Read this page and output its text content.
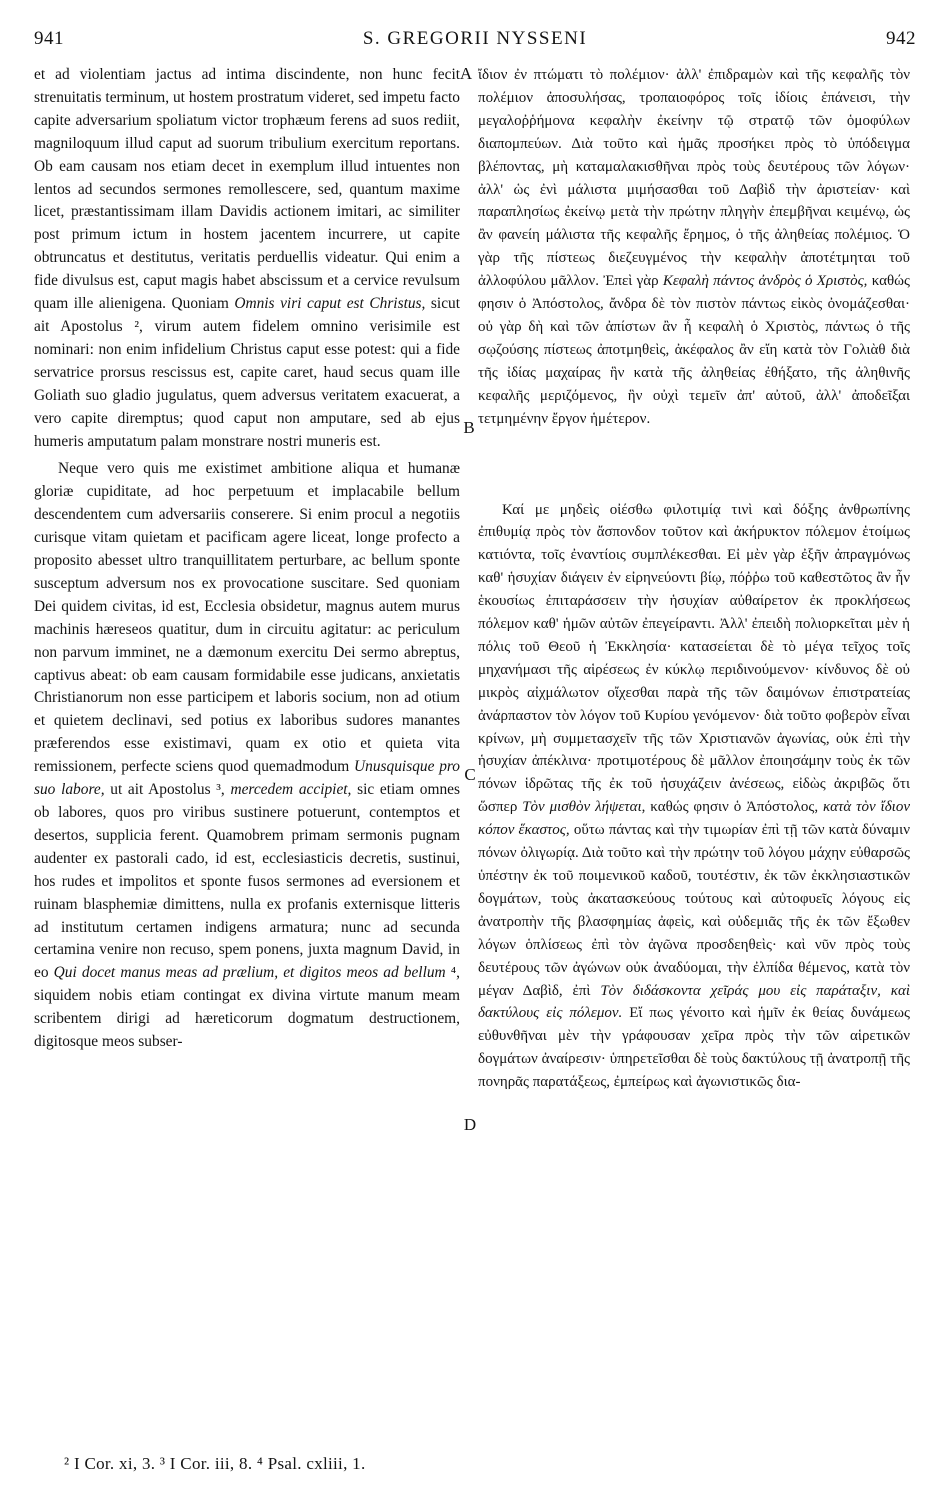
941	S. GREGORII NYSSENI	942

et ad violentiam jactus ad intima discindente, non hunc fecit strenuitatis terminum, ut hostem prostratum videret, sed impetu facto capite adversarium spoliatum victor trophæum ferens ad suos rediit, magniloquum illud caput ad suorum tribulium exercitum reportans. Ob eam causam nos etiam decet in exemplum illud intuentes non lentos ad secundos sermones remollescere, sed, quantum maxime licet, præstantissimam illam Davidis actionem imitari, ac similiter post primum ictum in hostem jacentem incurrere, ut capite obtruncatus et destitutus, veritatis perduellis videatur. Qui enim a fide divulsus est, caput magis habet abscissum et a cervice revulsum quam ille alienigena. Quoniam Omnis viri caput est Christus, sicut ait Apostolus ², virum autem fidelem omnino verisimile est nominari: non enim infidelium Christus caput esse potest: qui a fide servatrice prorsus rescissus est, capite caret, haud secus quam ille Goliath suo gladio jugulatus, quem adversus veritatem exacuerat, a vero capite diremptus; quod caput non amputare, sed ab ejus humeris amputatum palam monstrare nostri muneris est.

Neque vero quis me existimet ambitione aliqua et humanæ gloriæ cupiditate, ad hoc perpetuum et implacabile bellum descendentem cum adversariis conserere. Si enim procul a negotiis curisque vitam quietam et pacificam agere liceat, longe profecto a proposito abesset ultro tranquillitatem perturbare, ac bellum sponte susceptum adversum nos ex provocatione suscitare. Sed quoniam Dei quidem civitas, id est, Ecclesia obsidetur, magnus autem murus machinis hæreseos quatitur, dum in circuitu agitatur: ac periculum non parvum imminet, ne a dæmonum exercitu Dei sermo abreptus, captivus abeat: ob eam causam formidabile esse judicans, anxietatis Christianorum non esse participem et laboris socium, non ad otium et quietem declinavi, sed potius ex laboribus sudores manantes præferendos esse existimavi, quam ex otio et quieta vita remissionem, perfecte sciens quod quemadmodum Unusquisque pro suo labore, ut ait Apostolus ³, mercedem accipiet, sic etiam omnes ob labores, quos pro viribus sustinere potuerunt, contemptos et desertos, supplicia ferent. Quamobrem primam sermonis pugnam audenter ex pastorali cado, id est, ecclesiasticis decretis, sustinui, hos rudes et impolitos et sponte fusos sermones ad eversionem et ruinam blasphemiæ dimittens, nulla ex profanis externisque litteris ad institutum certamen indigens armatura; nunc ad secunda certamina venire non recuso, spem ponens, juxta magnum David, in eo Qui docet manus meas ad prælium, et digitos meos ad bellum ⁴, siquidem nobis etiam contingat ex divina virtute manum meam scribentem dirigi ad hæreticorum dogmatum destructionem, digitosque meos subser-

A
B
C
D

ἴδιον ἐν πτώματι τὸ πολέμιον· ἀλλ' ἐπιδραμὼν καὶ τῆς κεφαλῆς τὸν πολέμιον ἀποσυλήσας, τροπαιοφόρος τοῖς ἰδίοις ἐπάνεισι, τὴν μεγαλοῤῥήμονα κεφαλὴν ἐκείνην τῷ στρατῷ τῶν ὁμοφύλων διαπομπεύων. Διὰ τοῦτο καὶ ἡμᾶς προσήκει πρὸς τὸ ὑπόδειγμα βλέποντας, μὴ καταμαλακισθῆναι πρὸς τοὺς δευτέρους τῶν λόγων· ἀλλ' ὡς ἐνὶ μάλιστα μιμήσασθαι τοῦ Δαβὶδ τὴν ἀριστείαν· καὶ παραπλησίως ἐκείνῳ μετὰ τὴν πρώτην πληγὴν ἐπεμβῆναι κειμένῳ, ὡς ἂν φανείη μάλιστα τῆς κεφαλῆς ἔρημος, ὁ τῆς ἀληθείας πολέμιος. Ὁ γὰρ τῆς πίστεως διεζευγμένος τὴν κεφαλὴν ἀποτέτμηται τοῦ ἀλλοφύλου μᾶλλον. Ἐπεὶ γὰρ Κεφαλὴ πάντος ἀνδρὸς ὁ Χριστὸς, καθώς φησιν ὁ Ἀπόστολος, ἄνδρα δὲ τὸν πιστὸν πάντως εἰκὸς ὀνομάζεσθαι· οὐ γὰρ δὴ καὶ τῶν ἀπίστων ἂν ἦ κεφαλὴ ὁ Χριστὸς, πάντως ὁ τῆς σῳζούσης πίστεως ἀποτμηθεὶς, ἀκέφαλος ἂν εἴη κατὰ τὸν Γολιὰθ διὰ τῆς ἰδίας μαχαίρας ἣν κατὰ τῆς ἀληθείας ἐθήξατο, τῆς ἀληθινῆς κεφαλῆς μεριζόμενος, ἣν οὐχὶ τεμεῖν ἀπ' αὐτοῦ, ἀλλ' ἀποδεῖξαι τετμημένην ἔργον ἡμέτερον.

Καί με μηδεὶς οἰέσθω φιλοτιμίᾳ τινὶ καὶ δόξης ἀνθρωπίνης ἐπιθυμίᾳ πρὸς τὸν ἄσπονδον τοῦτον καὶ ἀκήρυκτον πόλεμον ἑτοίμως κατιόντα, τοῖς ἐναντίοις συμπλέκεσθαι. Εἰ μὲν γὰρ ἐξῆν ἀπραγμόνως καθ' ἡσυχίαν διάγειν ἐν εἰρηνεύοντι βίῳ, πόῤῥω τοῦ καθεστῶτος ἂν ἦν ἑκουσίως ἐπιταράσσειν τὴν ἡσυχίαν αὐθαίρετον ἐκ προκλήσεως πόλεμον καθ' ἡμῶν αὐτῶν ἐπεγείραντι. Ἀλλ' ἐπειδὴ πολιορκεῖται μὲν ἡ πόλις τοῦ Θεοῦ ἡ Ἐκκλησία· κατασείεται δὲ τὸ μέγα τεῖχος τοῖς μηχανήμασι τῆς αἱρέσεως ἐν κύκλῳ περιδινούμενον· κίνδυνος δὲ οὐ μικρὸς αἰχμάλωτον οἴχεσθαι παρὰ τῆς τῶν δαιμόνων ἐπιστρατείας ἀνάρπαστον τὸν λόγον τοῦ Κυρίου γενόμενον· διὰ τοῦτο φοβερὸν εἶναι κρίνων, μὴ συμμετασχεῖν τῆς τῶν Χριστιανῶν ἀγωνίας, οὐκ ἐπὶ τὴν ἡσυχίαν ἀπέκλινα· προτιμοτέρους δὲ μᾶλλον ἐποιησάμην τοὺς ἐκ τῶν πόνων ἱδρῶτας τῆς ἐκ τοῦ ἡσυχάζειν ἀνέσεως, εἰδὼς ἀκριβῶς ὅτι ὥσπερ Τὸν μισθὸν λήψεται, καθώς φησιν ὁ Ἀπόστολος, κατὰ τὸν ἴδιον κόπον ἕκαστος, οὕτω πάντας καὶ τὴν τιμωρίαν ἐπὶ τῇ τῶν κατὰ δύναμιν πόνων ὀλιγωρίᾳ. Διὰ τοῦτο καὶ τὴν πρώτην τοῦ λόγου μάχην εὐθαρσῶς ὑπέστην ἐκ τοῦ ποιμενικοῦ καδοῦ, τουτέστιν, ἐκ τῶν ἐκκλησιαστικῶν δογμάτων, τοὺς ἀκατασκεύους τούτους καὶ αὐτοφυεῖς λόγους εἰς ἀνατροπὴν τῆς βλασφημίας ἀφεὶς, καὶ οὐδεμιᾶς τῆς ἐκ τῶν ἔξωθεν λόγων ὁπλίσεως ἐπὶ τὸν ἀγῶνα προσδεηθεὶς· καὶ νῦν πρὸς τοὺς δευτέρους τῶν ἀγώνων οὐκ ἀναδύομαι, τὴν ἐλπίδα θέμενος, κατὰ τὸν μέγαν Δαβὶδ, ἐπὶ Τὸν διδάσκοντα χεῖράς μου εἰς παράταξιν, καὶ δακτύλους εἰς πόλεμον. Εἴ πως γένοιτο καὶ ἡμῖν ἐκ θείας δυνάμεως εὐθυνθῆναι μὲν τὴν γράφουσαν χεῖρα πρὸς τὴν τῶν αἱρετικῶν δογμάτων ἀναίρεσιν· ὑπηρετεῖσθαι δὲ τοὺς δακτύλους τῇ ἀνατροπῇ τῆς πονηρᾶς παρατάξεως, ἐμπείρως καὶ ἀγωνιστικῶς δια-

² I Cor. xi, 3. ³ I Cor. iii, 8. ⁴ Psal. cxliii, 1.
